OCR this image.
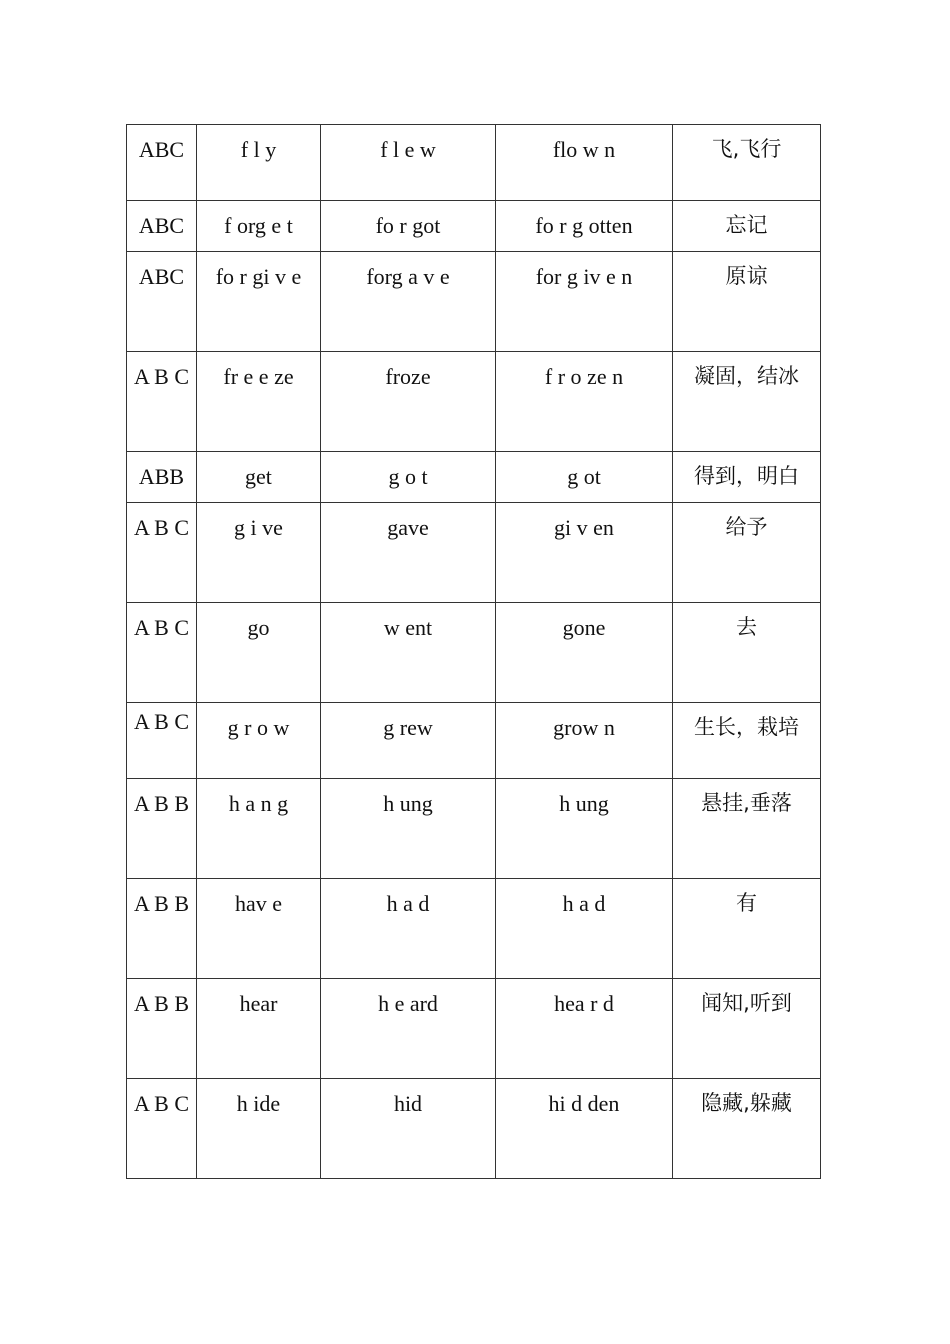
ABC	f l y	f l e w	flo w n	飞,飞行
ABC	f org e t	fo r got	fo r g otten	忘记
ABC	fo r gi v e	forg a v e	for g iv e n	原谅
A B C	fr e e ze	froze	f r o ze n	凝固，结冰
ABB	get	g o t	g ot	得到，明白
A B C	g i ve	gave	gi v en	给予
A B C	go	w ent	gone	去
A B C	g r o w	g rew	grow n	生长，栽培
A B B	h a n g	h ung	h ung	悬挂,垂落
A B B	hav e	h a d	h a d	有
A B B	hear	h e ard	hea r d	闻知,听到
A B C	h ide	hid	hi d den	隐藏,躲藏
